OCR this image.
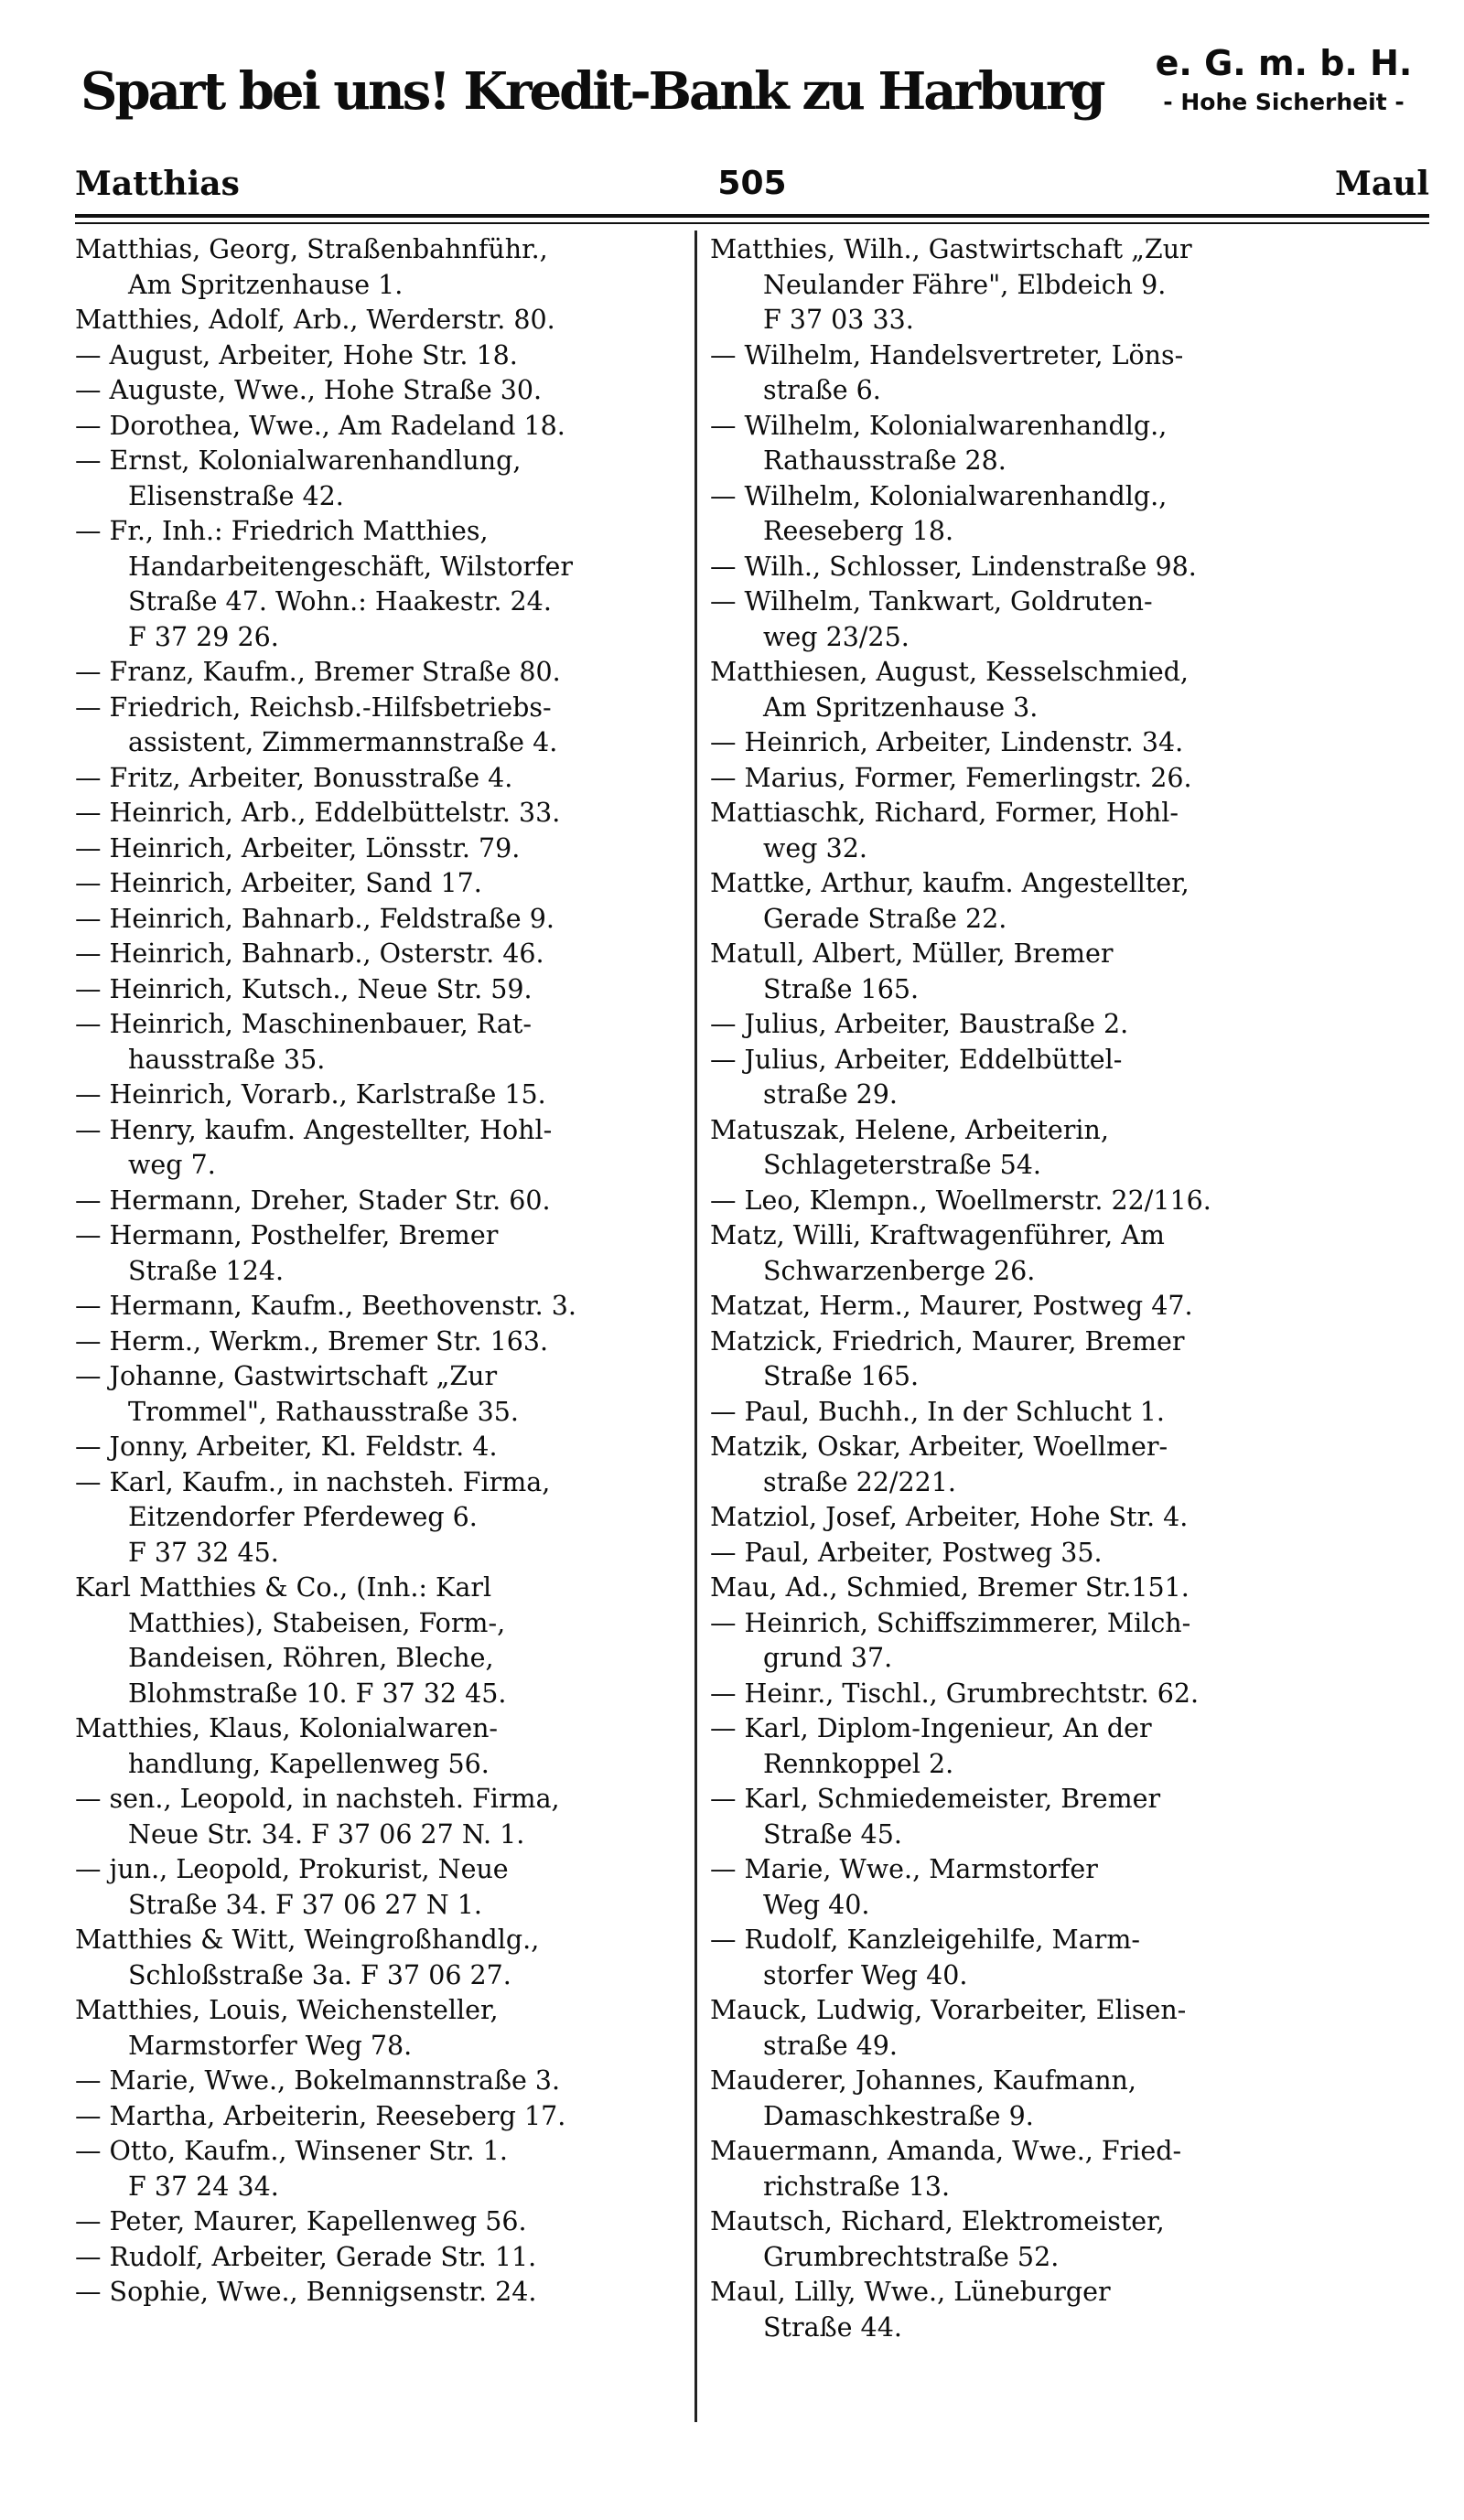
Spart bei uns! Kredit-Bank zu Harburg	e. G. m. b. H.
- Hohe Sicherheit -
505
Matthias	Maul
Matthias, Georg, Straßenbahnführ.,
Am Spritzenhause 1.
Matthies, Adolf, Arb., Werderstr. 80.
— August, Arbeiter, Hohe Str. 18.
— Auguste, Wwe., Hohe Straße 30.
— Dorothea, Wwe., Am Radeland 18.
— Ernst, Kolonialwarenhandlung,
Elisenstraße 42.
— Fr., Inh.: Friedrich Matthies,
Handarbeitengeschäft, Wilstorfer
Straße 47. Wohn.: Haakestr. 24.
F 37 29 26.
— Franz, Kaufm., Bremer Straße 80.
— Friedrich, Reichsb.-Hilfsbetriebs-
assistent, Zimmermannstraße 4.
— Fritz, Arbeiter, Bonusstraße 4.
— Heinrich, Arb., Eddelbüttelstr. 33.
— Heinrich, Arbeiter, Lönsstr. 79.
— Heinrich, Arbeiter, Sand 17.
— Heinrich, Bahnarb., Feldstraße 9.
— Heinrich, Bahnarb., Osterstr. 46.
— Heinrich, Kutsch., Neue Str. 59.
— Heinrich, Maschinenbauer, Rat-
hausstraße 35.
— Heinrich, Vorarb., Karlstraße 15.
— Henry, kaufm. Angestellter, Hohl-
weg 7.
— Hermann, Dreher, Stader Str. 60.
— Hermann, Posthelfer, Bremer
Straße 124.
— Hermann, Kaufm., Beethovenstr. 3.
— Herm., Werkm., Bremer Str. 163.
— Johanne, Gastwirtschaft „Zur
Trommel", Rathausstraße 35.
— Jonny, Arbeiter, Kl. Feldstr. 4.
— Karl, Kaufm., in nachsteh. Firma,
Eitzendorfer Pferdeweg 6.
F 37 32 45.
Karl Matthies & Co., (Inh.: Karl
Matthies), Stabeisen, Form-,
Bandeisen, Röhren, Bleche,
Blohmstraße 10. F 37 32 45.
Matthies, Klaus, Kolonialwaren-
handlung, Kapellenweg 56.
— sen., Leopold, in nachsteh. Firma,
Neue Str. 34. F 37 06 27 N. 1.
— jun., Leopold, Prokurist, Neue
Straße 34. F 37 06 27 N 1.
Matthies & Witt, Weingroßhandlg.,
Schloßstraße 3a. F 37 06 27.
Matthies, Louis, Weichensteller,
Marmstorfer Weg 78.
— Marie, Wwe., Bokelmannstraße 3.
— Martha, Arbeiterin, Reeseberg 17.
— Otto, Kaufm., Winsener Str. 1.
F 37 24 34.
— Peter, Maurer, Kapellenweg 56.
— Rudolf, Arbeiter, Gerade Str. 11.
— Sophie, Wwe., Bennigsenstr. 24.
Matthies, Wilh., Gastwirtschaft „Zur
Neulander Fähre", Elbdeich 9.
F 37 03 33.
— Wilhelm, Handelsvertreter, Löns-
straße 6.
— Wilhelm, Kolonialwarenhandlg.,
Rathausstraße 28.
— Wilhelm, Kolonialwarenhandlg.,
Reeseberg 18.
— Wilh., Schlosser, Lindenstraße 98.
— Wilhelm, Tankwart, Goldruten-
weg 23/25.
Matthiesen, August, Kesselschmied,
Am Spritzenhause 3.
— Heinrich, Arbeiter, Lindenstr. 34.
— Marius, Former, Femerlingstr. 26.
Mattiaschk, Richard, Former, Hohl-
weg 32.
Mattke, Arthur, kaufm. Angestellter,
Gerade Straße 22.
Matull, Albert, Müller, Bremer
Straße 165.
— Julius, Arbeiter, Baustraße 2.
— Julius, Arbeiter, Eddelbüttel-
straße 29.
Matuszak, Helene, Arbeiterin,
Schlageterstraße 54.
— Leo, Klempn., Woellmerstr. 22/116.
Matz, Willi, Kraftwagenführer, Am
Schwarzenberge 26.
Matzat, Herm., Maurer, Postweg 47.
Matzick, Friedrich, Maurer, Bremer
Straße 165.
— Paul, Buchh., In der Schlucht 1.
Matzik, Oskar, Arbeiter, Woellmer-
straße 22/221.
Matziol, Josef, Arbeiter, Hohe Str. 4.
— Paul, Arbeiter, Postweg 35.
Mau, Ad., Schmied, Bremer Str.151.
— Heinrich, Schiffszimmerer, Milch-
grund 37.
— Heinr., Tischl., Grumbrechtstr. 62.
— Karl, Diplom-Ingenieur, An der
Rennkoppel 2.
— Karl, Schmiedemeister, Bremer
Straße 45.
— Marie, Wwe., Marmstorfer
Weg 40.
— Rudolf, Kanzleigehilfe, Marm-
storfer Weg 40.
Mauck, Ludwig, Vorarbeiter, Elisen-
straße 49.
Mauderer, Johannes, Kaufmann,
Damaschkestraße 9.
Mauermann, Amanda, Wwe., Fried-
richstraße 13.
Mautsch, Richard, Elektromeister,
Grumbrechtstraße 52.
Maul, Lilly, Wwe., Lüneburger
Straße 44.
